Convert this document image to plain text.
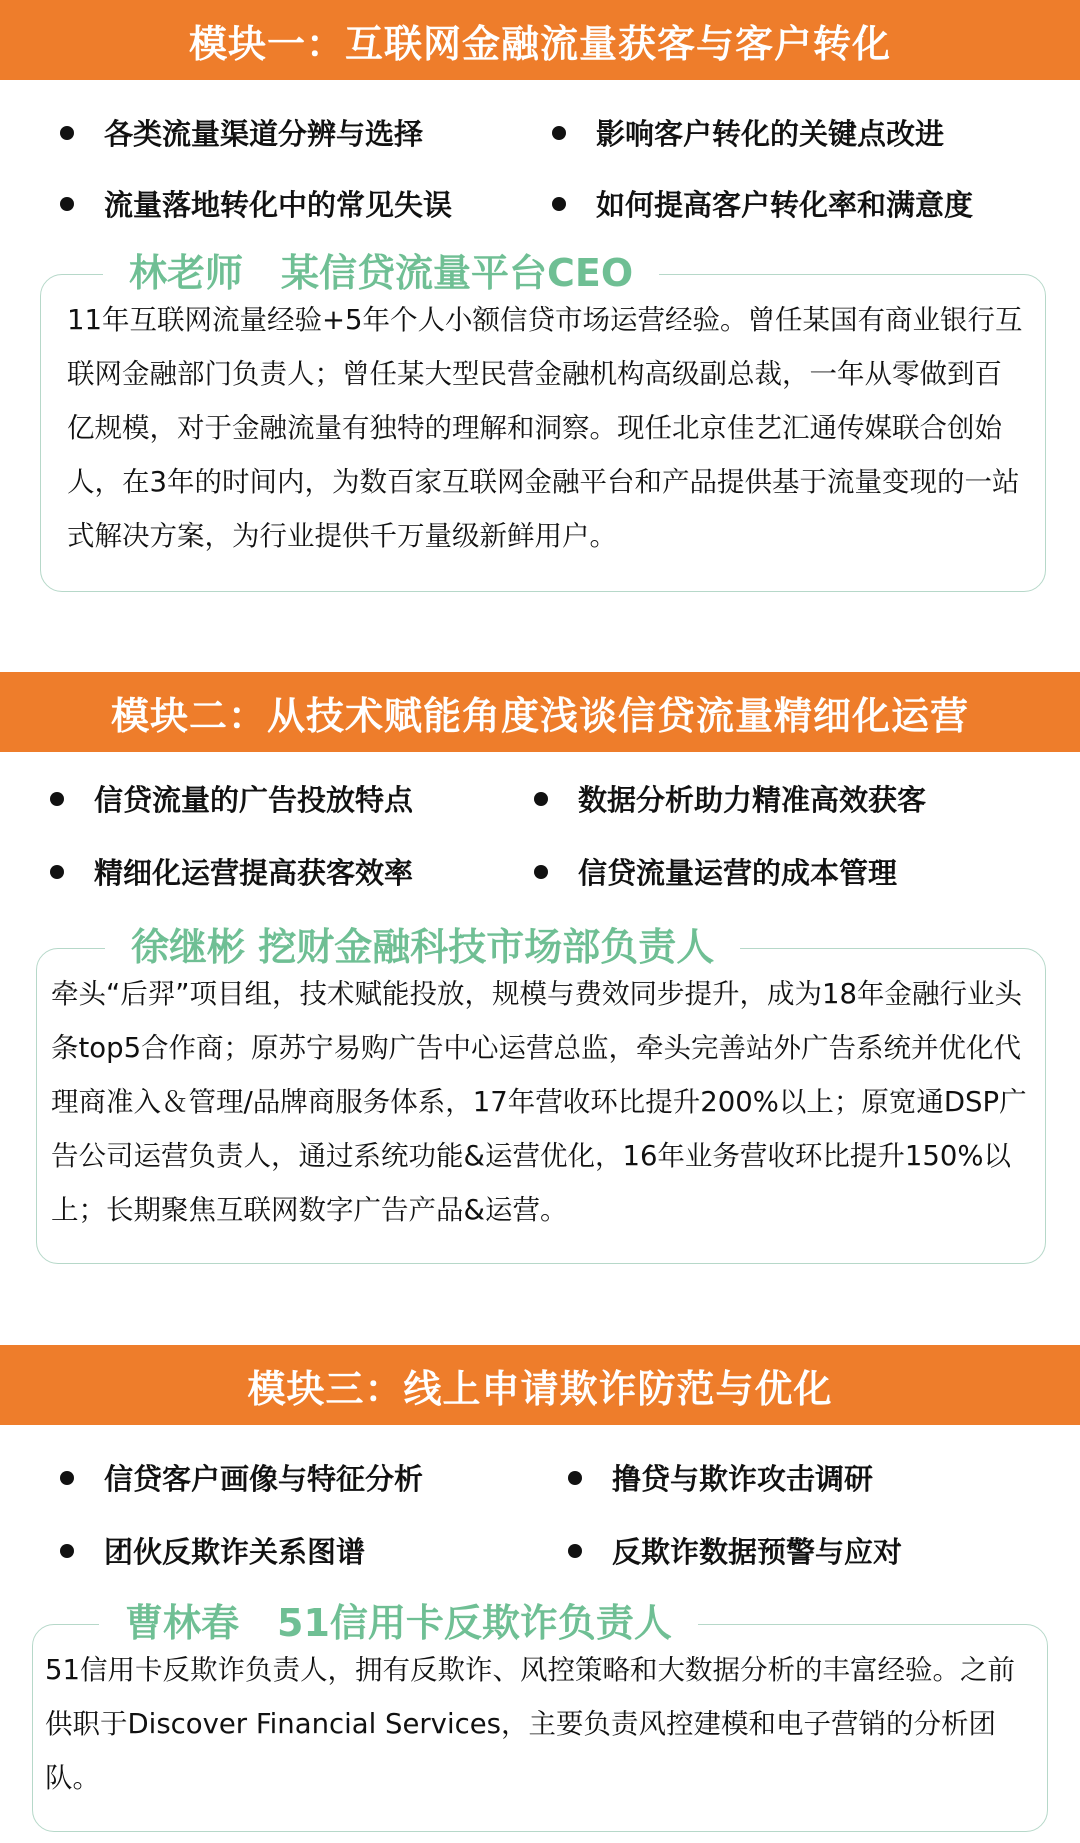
模块一：互联网金融流量获客与客户转化
各类流量渠道分辨与选择	影响客户转化的关键点改进
流量落地转化中的常见失误	如何提高客户转化率和满意度
林老师　某信贷流量平台CEO

11年互联网流量经验+5年个人小额信贷市场运营经验。曾任某国有商业银行互联网金融部门负责人；曾任某大型民营金融机构高级副总裁，一年从零做到百亿规模，对于金融流量有独特的理解和洞察。现任北京佳艺汇通传媒联合创始人，在3年的时间内，为数百家互联网金融平台和产品提供基于流量变现的一站式解决方案，为行业提供千万量级新鲜用户。

模块二：从技术赋能角度浅谈信贷流量精细化运营
信贷流量的广告投放特点	数据分析助力精准高效获客
精细化运营提高获客效率	信贷流量运营的成本管理
徐继彬 挖财金融科技市场部负责人

牵头“后羿”项目组，技术赋能投放，规模与费效同步提升，成为18年金融行业头条top5合作商；原苏宁易购广告中心运营总监，牵头完善站外广告系统并优化代理商准入＆管理/品牌商服务体系，17年营收环比提升200%以上；原宽通DSP广告公司运营负责人，通过系统功能&运营优化，16年业务营收环比提升150%以上；长期聚焦互联网数字广告产品&运营。

模块三：线上申请欺诈防范与优化
信贷客户画像与特征分析	撸贷与欺诈攻击调研
团伙反欺诈关系图谱	反欺诈数据预警与应对
曹林春　51信用卡反欺诈负责人

51信用卡反欺诈负责人，拥有反欺诈、风控策略和大数据分析的丰富经验。之前供职于Discover Financial Services，主要负责风控建模和电子营销的分析团队。
